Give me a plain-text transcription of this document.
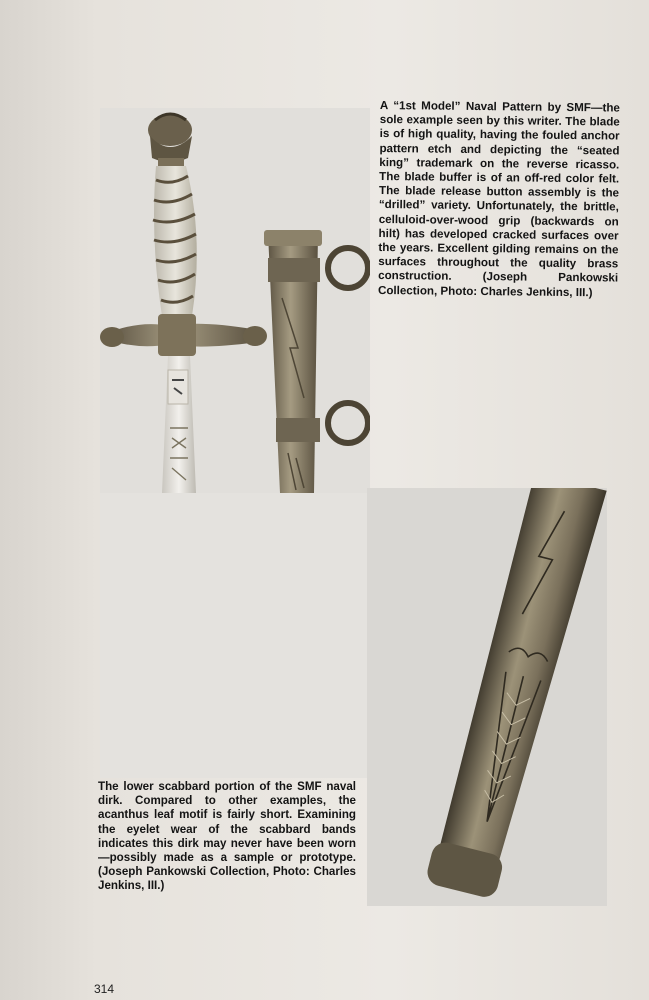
A “1st Model” Naval Pattern by SMF—the sole example seen by this writer. The blade is of high quality, having the fouled anchor pattern etch and depicting the “seated king” trademark on the reverse ricasso. The blade buffer is of an off-red color felt. The blade release button assembly is the “drilled” variety. Unfortunately, the brittle, celluloid-over-wood grip (backwards on hilt) has developed cracked surfaces over the years. Excellent gilding remains on the surfaces throughout the quality brass construction. (Joseph Pankowski Collection, Photo: Charles Jenkins, III.)
The lower scabbard portion of the SMF naval dirk. Compared to other examples, the acanthus leaf motif is fairly short. Examining the eyelet wear of the scabbard bands indicates this dirk may never have been worn—possibly made as a sample or prototype. (Joseph Pankowski Collection, Photo: Charles Jenkins, III.)
314
